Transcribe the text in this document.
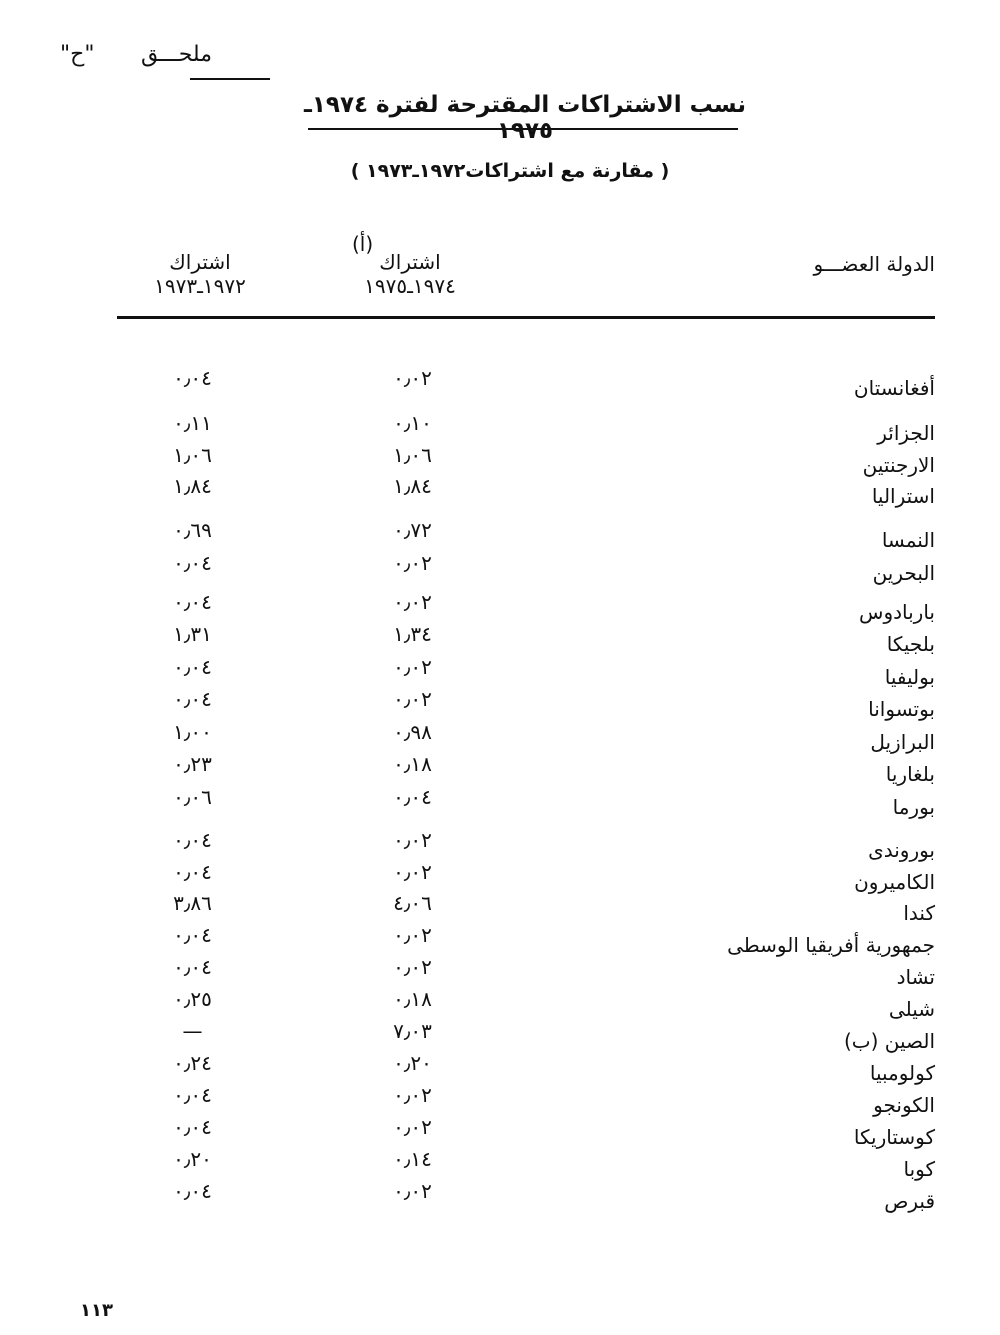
ملحـــق
"ح"
نسب الاشتراكات المقترحة لفترة ١٩٧٤ـ ١٩٧٥
( مقارنة مع اشتراكات١٩٧٢ـ١٩٧٣ )
الدولة العضـــو
(أ)
اشتراك
١٩٧٤ـ١٩٧٥
اشتراك
١٩٧٢ـ١٩٧٣
أفغانستان
٠٫٠٢
٠٫٠٤
الجزائر
٠٫١٠
٠٫١١
الارجنتين
١٫٠٦
١٫٠٦
استراليا
١٫٨٤
١٫٨٤
النمسا
٠٫٧٢
٠٫٦٩
البحرين
٠٫٠٢
٠٫٠٤
باربادوس
٠٫٠٢
٠٫٠٤
بلجيكا
١٫٣٤
١٫٣١
بوليفيا
٠٫٠٢
٠٫٠٤
بوتسوانا
٠٫٠٢
٠٫٠٤
البرازيل
٠٫٩٨
١٫٠٠
بلغاريا
٠٫١٨
٠٫٢٣
بورما
٠٫٠٤
٠٫٠٦
بوروندى
٠٫٠٢
٠٫٠٤
الكاميرون
٠٫٠٢
٠٫٠٤
كندا
٤٫٠٦
٣٫٨٦
جمهورية أفريقيا الوسطى
٠٫٠٢
٠٫٠٤
تشاد
٠٫٠٢
٠٫٠٤
شيلى
٠٫١٨
٠٫٢٥
الصين (ب)
٧٫٠٣
—
كولومبيا
٠٫٢٠
٠٫٢٤
الكونجو
٠٫٠٢
٠٫٠٤
كوستاريكا
٠٫٠٢
٠٫٠٤
كوبا
٠٫١٤
٠٫٢٠
قبرص
٠٫٠٢
٠٫٠٤
١١٣
